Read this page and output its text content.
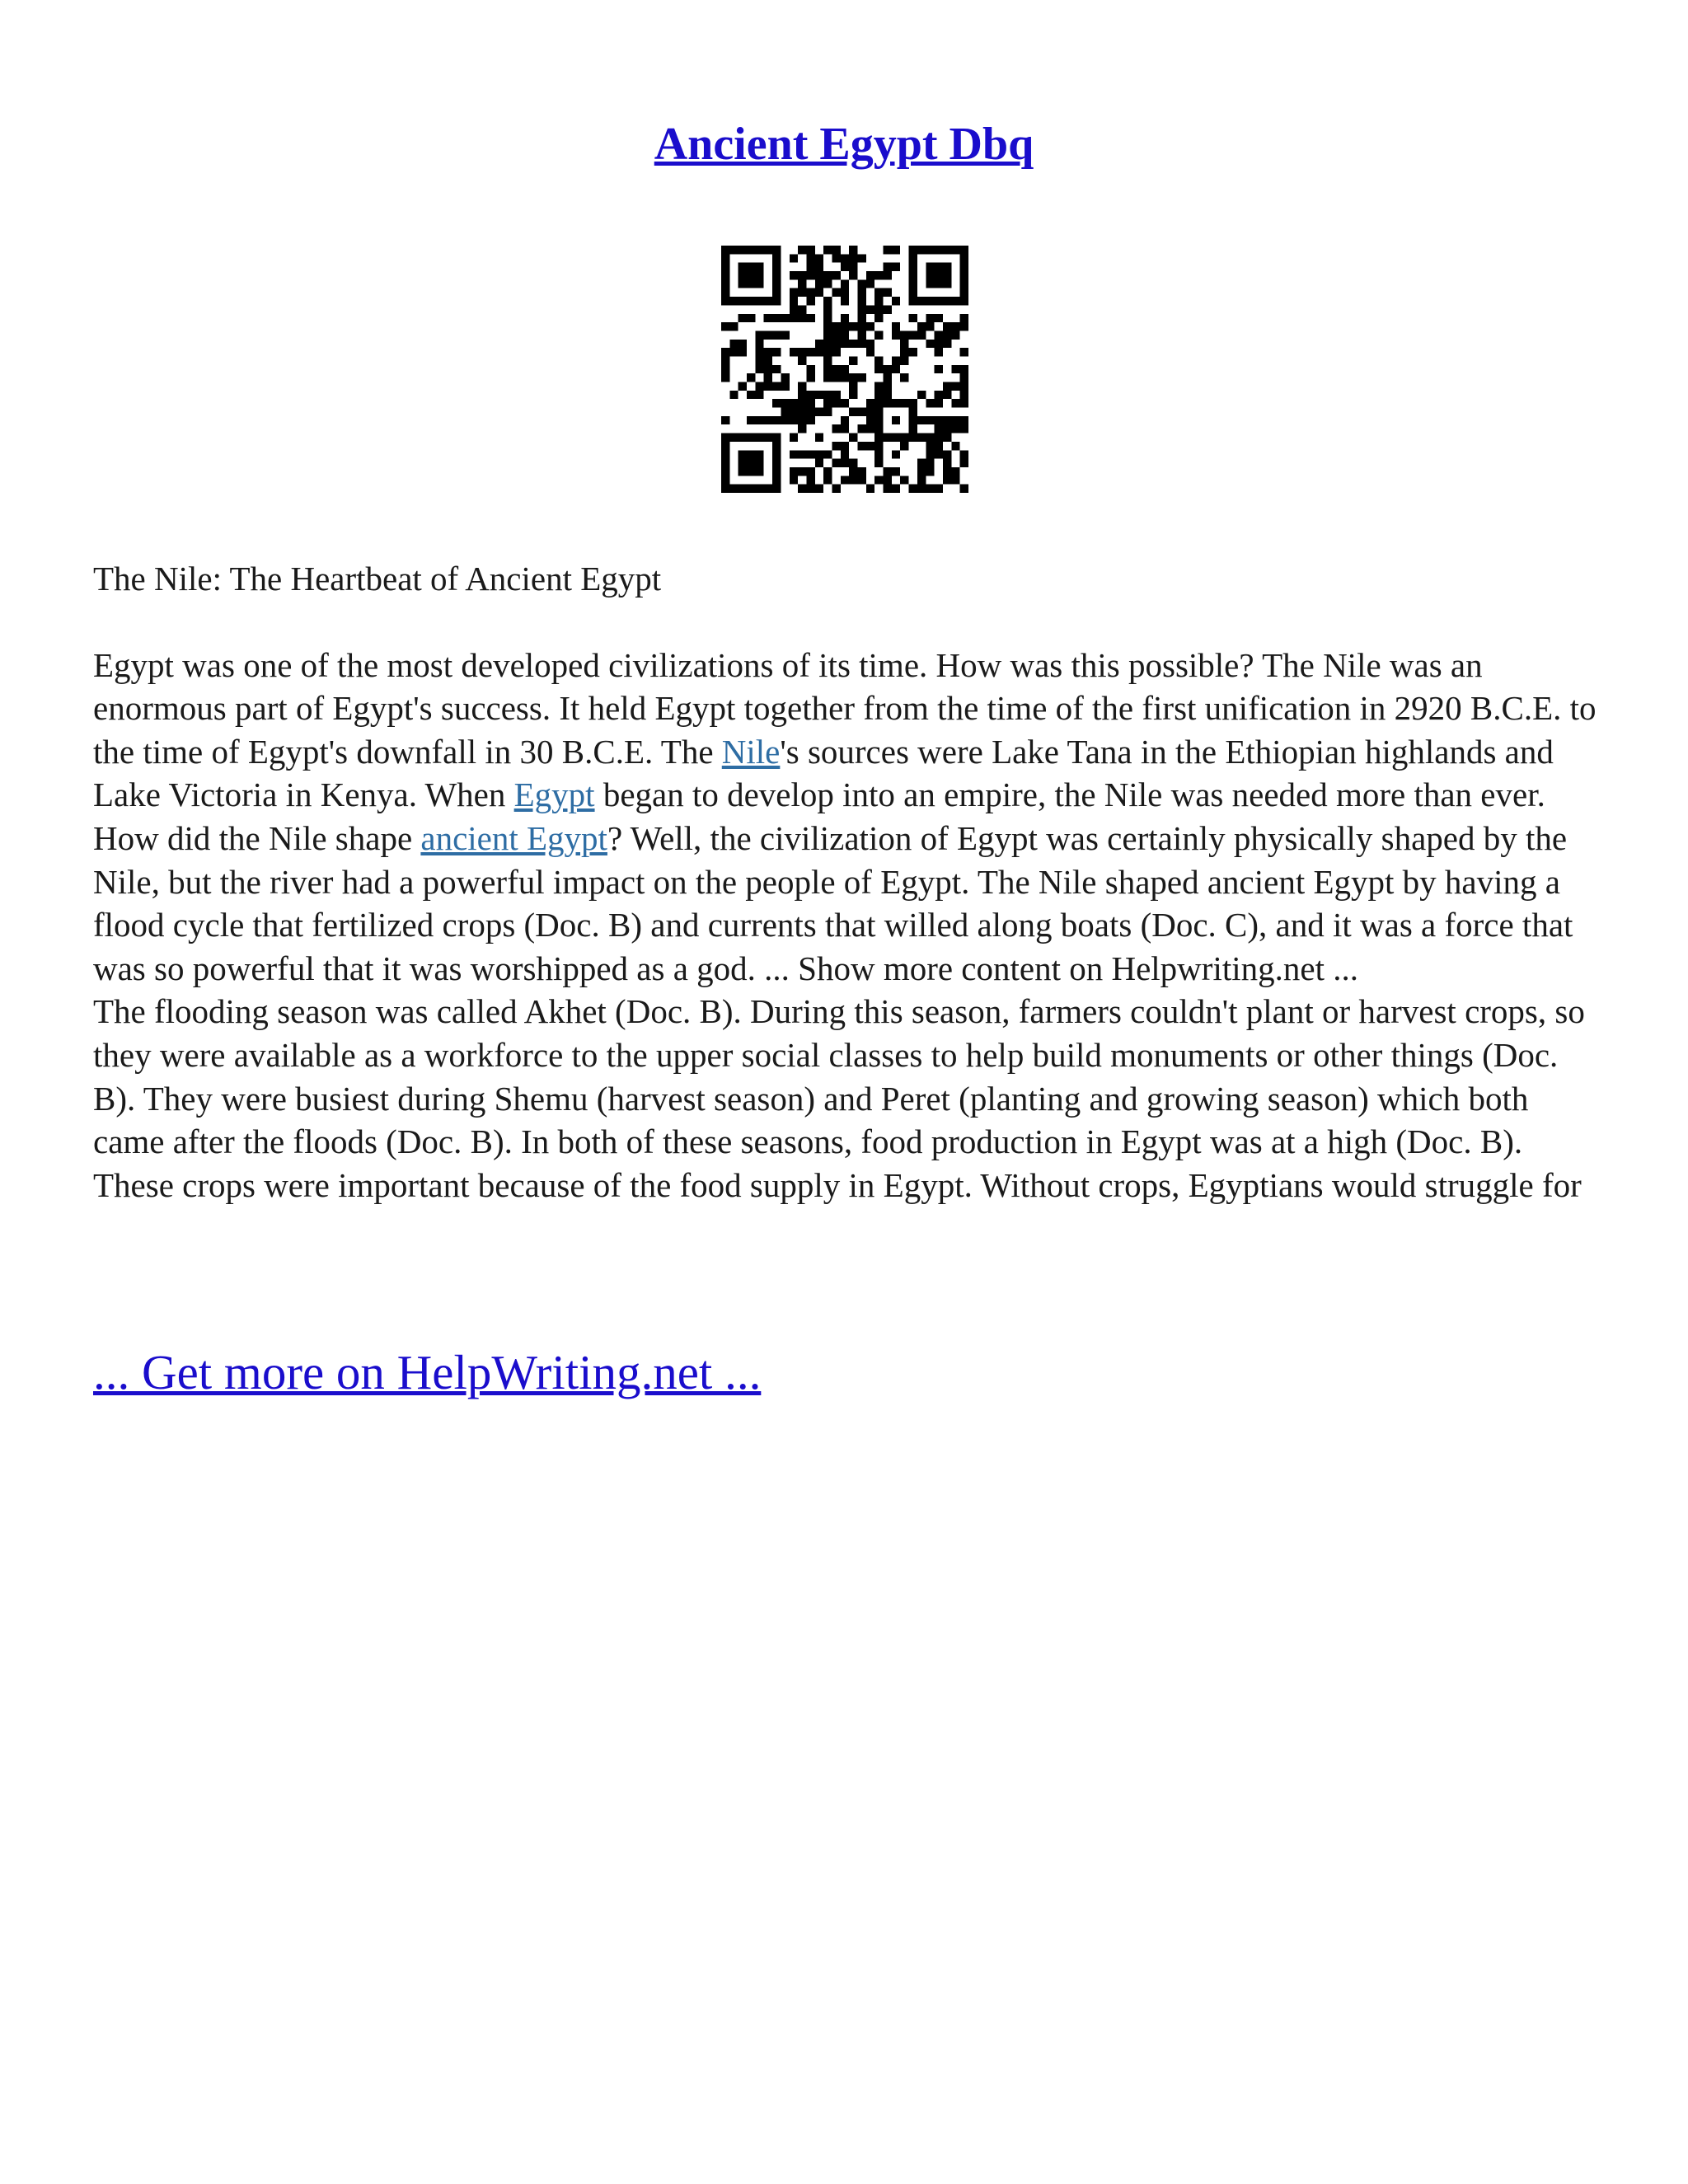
Ancient Egypt Dbq

The Nile: The Heartbeat of Ancient Egypt

Egypt was one of the most developed civilizations of its time. How was this possible? The Nile was an enormous part of Egypt's success. It held Egypt together from the time of the first unification in 2920 B.C.E. to the time of Egypt's downfall in 30 B.C.E. The Nile's sources were Lake Tana in the Ethiopian highlands and Lake Victoria in Kenya. When Egypt began to develop into an empire, the Nile was needed more than ever. How did the Nile shape ancient Egypt? Well, the civilization of Egypt was certainly physically shaped by the Nile, but the river had a powerful impact on the people of Egypt. The Nile shaped ancient Egypt by having a flood cycle that fertilized crops (Doc. B) and currents that willed along boats (Doc. C), and it was a force that was so powerful that it was worshipped as a god. ... Show more content on Helpwriting.net ...

The flooding season was called Akhet (Doc. B). During this season, farmers couldn't plant or harvest crops, so they were available as a workforce to the upper social classes to help build monuments or other things (Doc. B). They were busiest during Shemu (harvest season) and Peret (planting and growing season) which both came after the floods (Doc. B). In both of these seasons, food production in Egypt was at a high (Doc. B). These crops were important because of the food supply in Egypt. Without crops, Egyptians would struggle for

... Get more on HelpWriting.net ...
